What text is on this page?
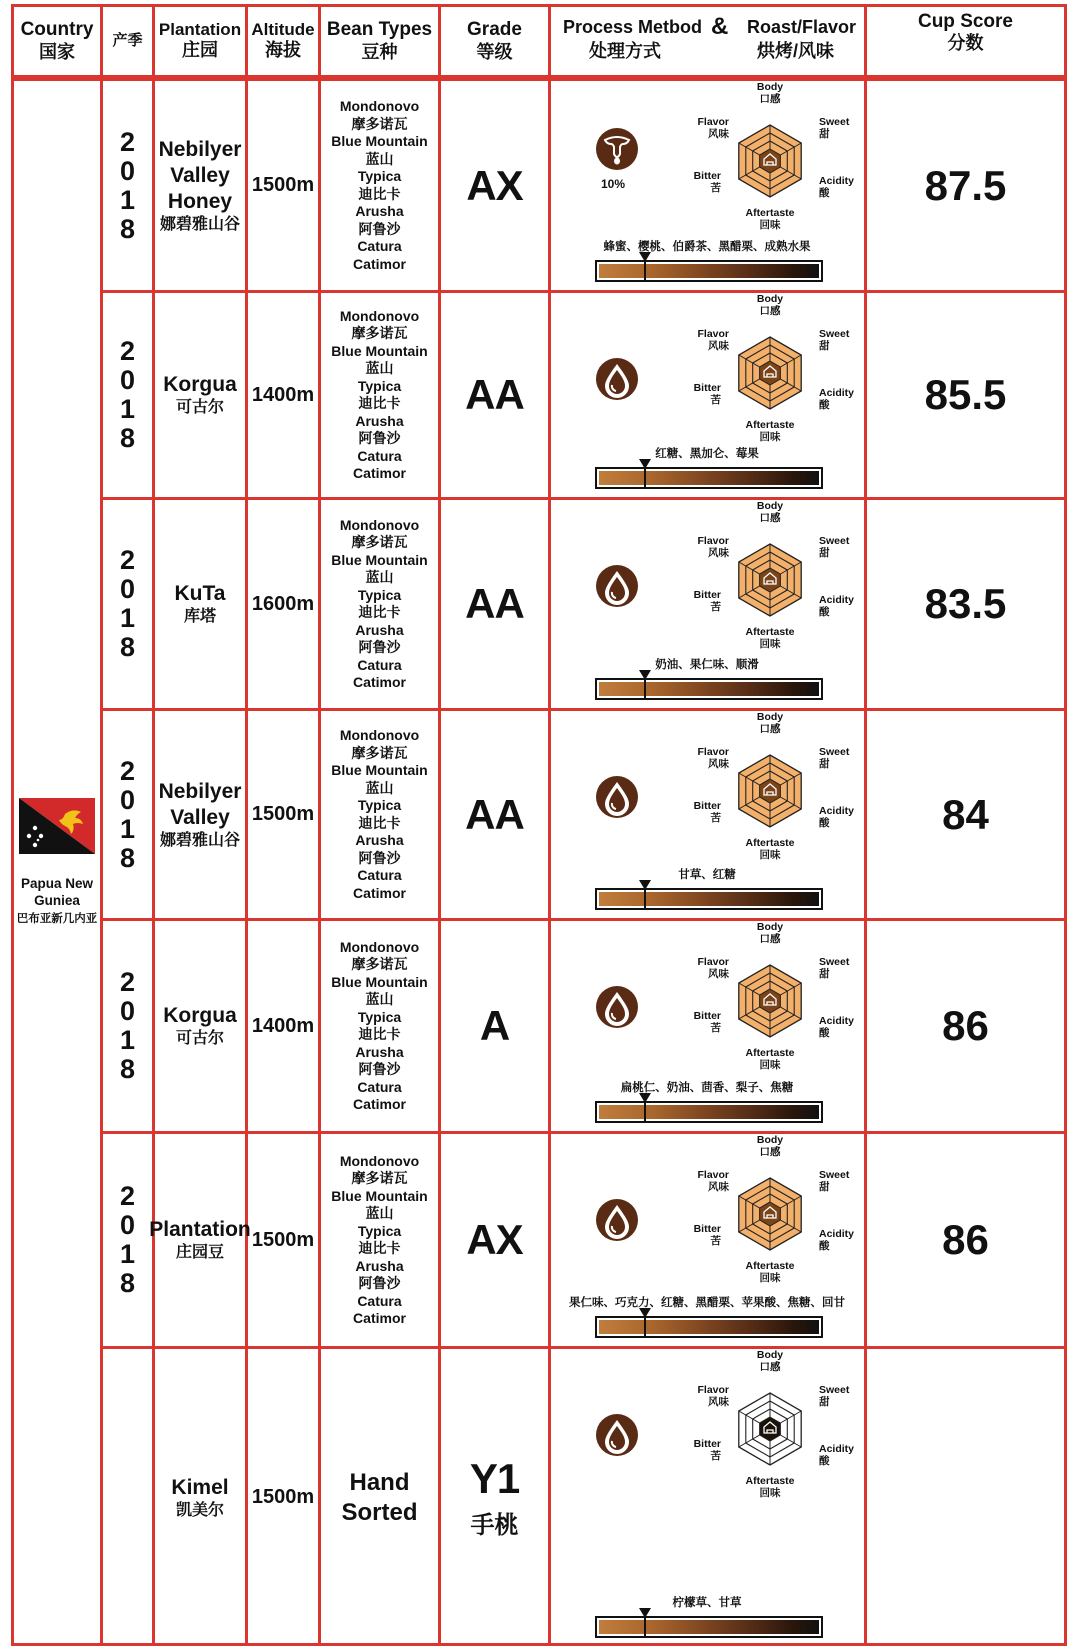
Country
国家
产季
Plantation
庄园
Altitude
海拔
Bean Types
豆种
Grade
等级
Process Metbod
处理方式
& Roast/Flavor
烘烤/风味
Cup Score
分数
Papua New
Guniea
巴布亚新几内亚
2
0
1
8
Nebilyer
Valley
Honey
娜碧雅山谷
1500m
Mondonovo
摩多诺瓦
Blue Mountain
蓝山
Typica
迪比卡
Arusha
阿鲁沙
Catura
Catimor
AX	10%
Body
口感
Sweet
甜
Acidity
酸
Aftertaste
回味
Bitter
苦
Flavor
风味
蜂蜜、樱桃、伯爵茶、黑醋栗、成熟水果
87.5
2
0
1
8
Korgua
可古尔
1400m
Mondonovo
摩多诺瓦
Blue Mountain
蓝山
Typica
迪比卡
Arusha
阿鲁沙
Catura
Catimor
AA
Body
口感
Sweet
甜
Acidity
酸
Aftertaste
回味
Bitter
苦
Flavor
风味
红糖、黑加仑、莓果
85.5
2
0
1
8
KuTa
库塔
1600m
Mondonovo
摩多诺瓦
Blue Mountain
蓝山
Typica
迪比卡
Arusha
阿鲁沙
Catura
Catimor
AA
Body
口感
Sweet
甜
Acidity
酸
Aftertaste
回味
Bitter
苦
Flavor
风味
奶油、果仁味、顺滑
83.5
2
0
1
8
Nebilyer
Valley
娜碧雅山谷
1500m
Mondonovo
摩多诺瓦
Blue Mountain
蓝山
Typica
迪比卡
Arusha
阿鲁沙
Catura
Catimor
AA
Body
口感
Sweet
甜
Acidity
酸
Aftertaste
回味
Bitter
苦
Flavor
风味
甘草、红糖
84
2
0
1
8
Korgua
可古尔
1400m
Mondonovo
摩多诺瓦
Blue Mountain
蓝山
Typica
迪比卡
Arusha
阿鲁沙
Catura
Catimor
A
Body
口感
Sweet
甜
Acidity
酸
Aftertaste
回味
Bitter
苦
Flavor
风味
扁桃仁、奶油、茴香、梨子、焦糖
86
2
0
1
8
Plantation
庄园豆
1500m
Mondonovo
摩多诺瓦
Blue Mountain
蓝山
Typica
迪比卡
Arusha
阿鲁沙
Catura
Catimor
AX
Body
口感
Sweet
甜
Acidity
酸
Aftertaste
回味
Bitter
苦
Flavor
风味
果仁味、巧克力、红糖、黑醋栗、苹果酸、焦糖、回甘
86
Kimel
凯美尔
1500m
Hand
Sorted
Y1
手桃
Body
口感
Sweet
甜
Acidity
酸
Aftertaste
回味
Bitter
苦
Flavor
风味
柠檬草、甘草
